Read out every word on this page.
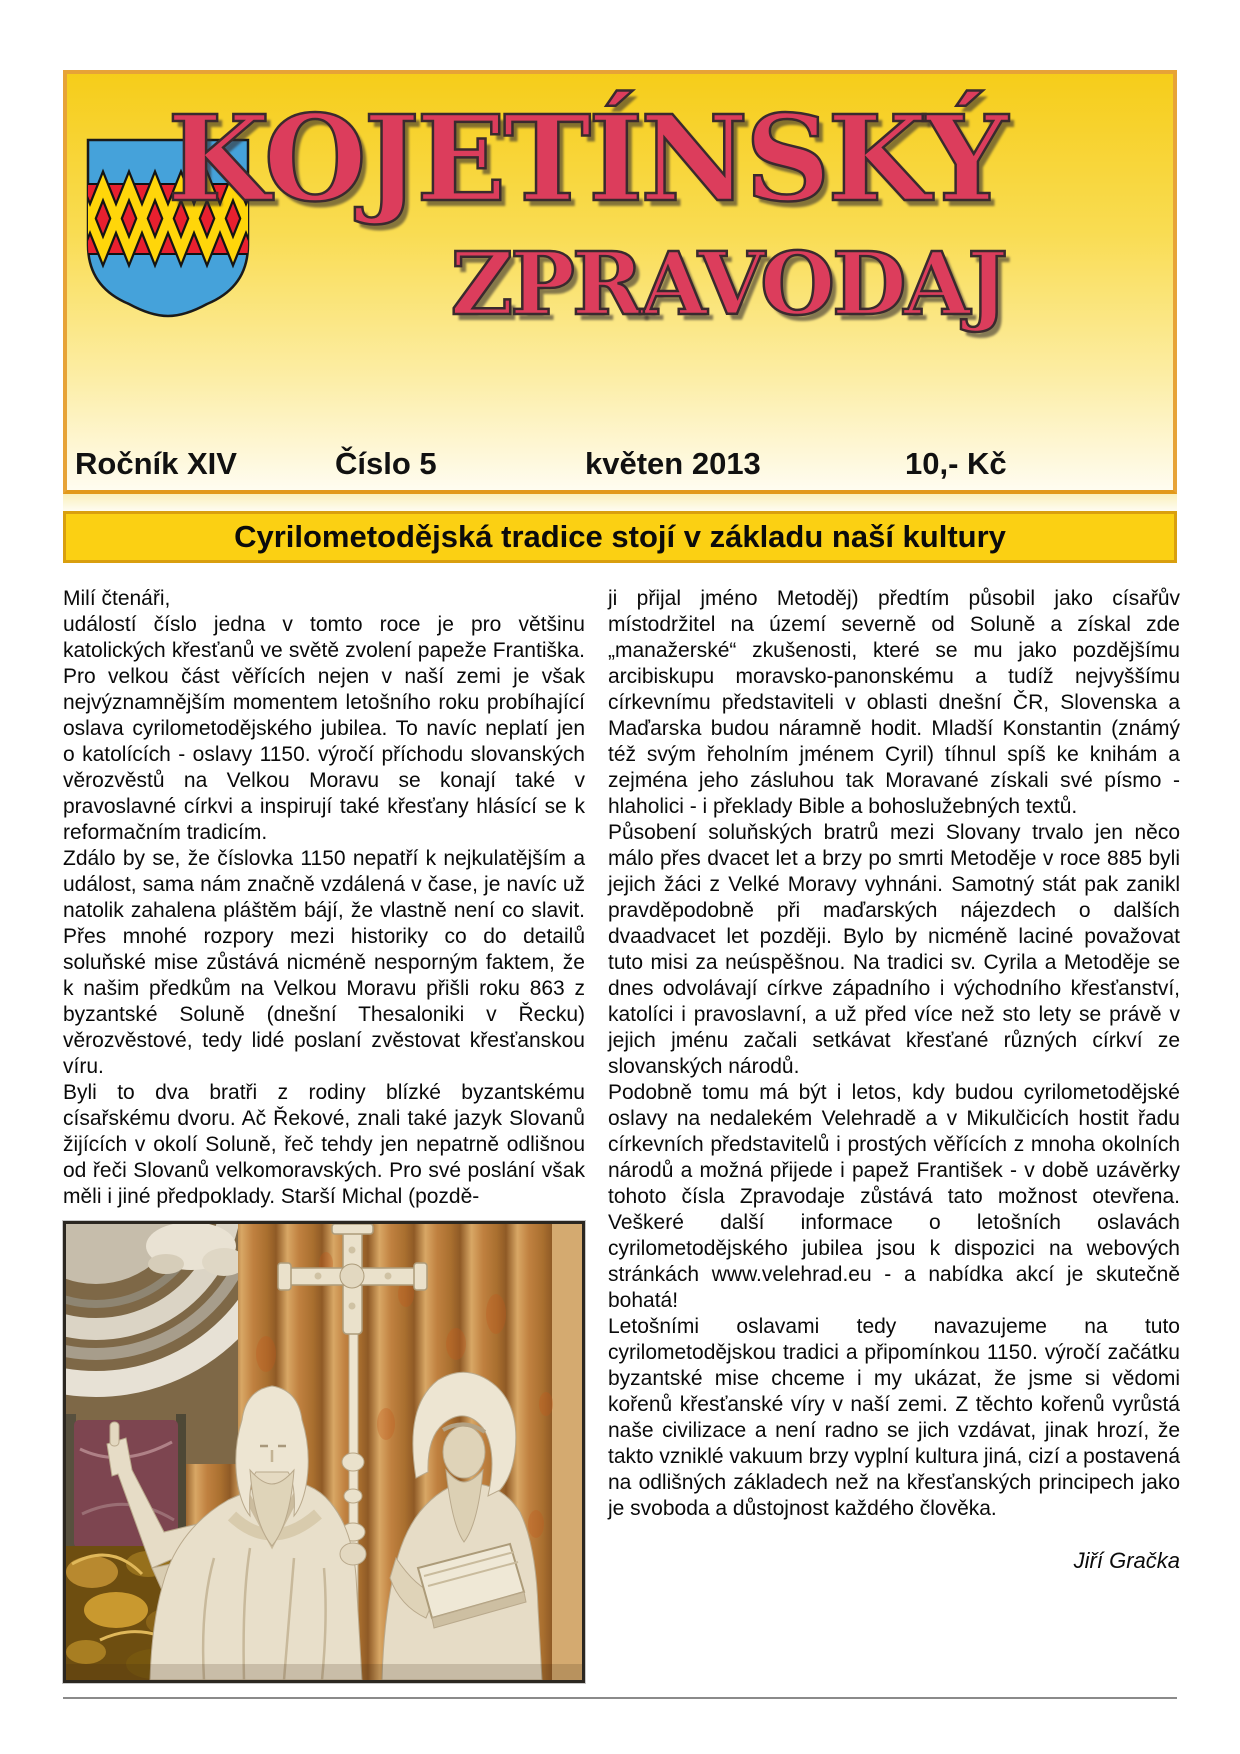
KOJETÍNSKÝ
ZPRAVODAJ
Ročník XIV	Číslo 5	květen 2013	10,- Kč
Cyrilometodějská tradice stojí v základu naší kultury

Milí čtenáři,

událostí číslo jedna v tomto roce je pro většinu katolických křesťanů ve světě zvolení papeže Františka. Pro velkou část věřících nejen v naší zemi je však nejvýznamnějším momentem letošního roku probíhající oslava cyrilometodějského jubilea. To navíc neplatí jen o katolících - oslavy 1150. výročí příchodu slovanských věrozvěstů na Velkou Moravu se konají také v pravoslavné církvi a inspirují také křesťany hlásící se k reformačním tradicím.

Zdálo by se, že číslovka 1150 nepatří k nejkulatějším a událost, sama nám značně vzdálená v čase, je navíc už natolik zahalena pláštěm bájí, že vlastně není co slavit. Přes mnohé rozpory mezi historiky co do detailů soluňské mise zůstává nicméně nesporným faktem, že k našim předkům na Velkou Moravu přišli roku 863 z byzantské Soluně (dnešní Thesaloniki v Řecku) věrozvěstové, tedy lidé poslaní zvěstovat křesťanskou víru.

Byli to dva bratři z rodiny blízké byzantskému císařskému dvoru. Ač Řekové, znali také jazyk Slovanů žijících v okolí Soluně, řeč tehdy jen nepatrně odlišnou od řeči Slovanů velkomoravských. Pro své poslání však měli i jiné předpoklady. Starší Michal (pozdě-

ji přijal jméno Metoděj) předtím působil jako císařův místodržitel na území severně od Soluně a získal zde „manažerské“ zkušenosti, které se mu jako pozdějšímu arcibiskupu moravsko-panonskému a tudíž nejvyššímu církevnímu představiteli v oblasti dnešní ČR, Slovenska a Maďarska budou náramně hodit. Mladší Konstantin (známý též svým řeholním jménem Cyril) tíhnul spíš ke knihám a zejména jeho zásluhou tak Moravané získali své písmo - hlaholici - i překlady Bible a bohoslužebných textů.

Působení soluňských bratrů mezi Slovany trvalo jen něco málo přes dvacet let a brzy po smrti Metoděje v roce 885 byli jejich žáci z Velké Moravy vyhnáni. Samotný stát pak zanikl pravděpodobně při maďarských nájezdech o dalších dvaadvacet let později. Bylo by nicméně laciné považovat tuto misi za neúspěšnou. Na tradici sv. Cyrila a Metoděje se dnes odvolávají církve západního i východního křesťanství, katolíci i pravoslavní, a už před více než sto lety se právě v jejich jménu začali setkávat křesťané různých církví ze slovanských národů.

Podobně tomu má být i letos, kdy budou cyrilometodějské oslavy na nedalekém Velehradě a v Mikulčicích hostit řadu církevních představitelů i prostých věřících z mnoha okolních národů a možná přijede i papež František - v době uzávěrky tohoto čísla Zpravodaje zůstává tato možnost otevřena. Veškeré další informace o letošních oslavách cyrilometodějského jubilea jsou k dispozici na webových stránkách www.velehrad.eu - a nabídka akcí je skutečně bohatá!

Letošními oslavami tedy navazujeme na tuto cyrilometodějskou tradici a připomínkou 1150. výročí začátku byzantské mise chceme i my ukázat, že jsme si vědomi kořenů křesťanské víry v naší zemi. Z těchto kořenů vyrůstá naše civilizace a není radno se jich vzdávat, jinak hrozí, že takto vzniklé vakuum brzy vyplní kultura jiná, cizí a postavená na odlišných základech než na křesťanských principech jako je svoboda a důstojnost každého člověka.

Jiří Gračka
